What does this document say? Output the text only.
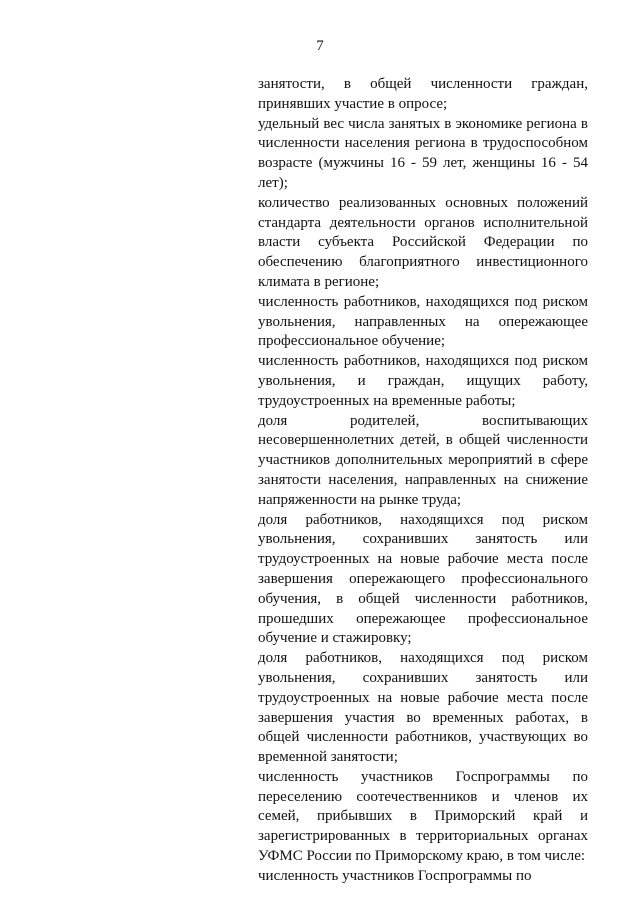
7

занятости, в общей численности граждан, принявших участие в опросе;

удельный вес числа занятых в экономике региона в численности населения региона в трудоспособном возрасте (мужчины 16 - 59 лет, женщины 16 - 54 лет);

количество реализованных основных положений стандарта деятельности органов исполнительной власти субъекта Российской Федерации по обеспечению благоприятного инвестиционного климата в регионе;

численность работников, находящихся под риском увольнения, направленных на опережающее профессиональное обучение;

численность работников, находящихся под риском увольнения, и граждан, ищущих работу, трудоустроенных на временные работы;

доля родителей, воспитывающих несовершеннолетних детей, в общей численности участников дополнительных мероприятий в сфере занятости населения, направленных на снижение напряженности на рынке труда;

доля работников, находящихся под риском увольнения, сохранивших занятость или трудоустроенных на новые рабочие места после завершения опережающего профессионального обучения, в общей численности работников, прошедших опережающее профессиональное обучение и стажировку;

доля работников, находящихся под риском увольнения, сохранивших занятость или трудоустроенных на новые рабочие места после завершения участия во временных работах, в общей численности работников, участвующих во временной занятости;

численность участников Госпрограммы по переселению соотечественников и членов их семей, прибывших в Приморский край и зарегистрированных в территориальных органах УФМС России по Приморскому краю, в том числе:

численность участников Госпрограммы по
